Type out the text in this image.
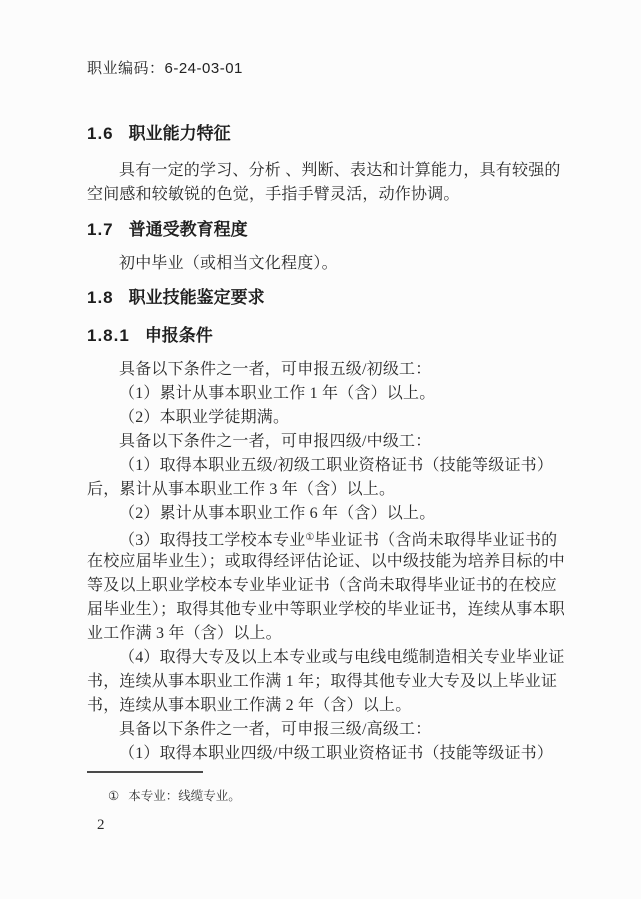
职业编码：6-24-03-01
1.6 职业能力特征
具有一定的学习、分析 、判断、表达和计算能力，具有较强的
空间感和较敏锐的色觉，手指手臂灵活，动作协调。
1.7 普通受教育程度
初中毕业（或相当文化程度）。
1.8 职业技能鉴定要求
1.8.1 申报条件
具备以下条件之一者，可申报五级/初级工：
（1）累计从事本职业工作 1 年（含）以上。
（2）本职业学徒期满。
具备以下条件之一者，可申报四级/中级工：
（1）取得本职业五级/初级工职业资格证书（技能等级证书）
后，累计从事本职业工作 3 年（含）以上。
（2）累计从事本职业工作 6 年（含）以上。
（3）取得技工学校本专业①毕业证书（含尚未取得毕业证书的
在校应届毕业生）；或取得经评估论证、以中级技能为培养目标的中
等及以上职业学校本专业毕业证书（含尚未取得毕业证书的在校应
届毕业生）；取得其他专业中等职业学校的毕业证书，连续从事本职
业工作满 3 年（含）以上。
（4）取得大专及以上本专业或与电线电缆制造相关专业毕业证
书，连续从事本职业工作满 1 年；取得其他专业大专及以上毕业证
书，连续从事本职业工作满 2 年（含）以上。
具备以下条件之一者，可申报三级/高级工：
（1）取得本职业四级/中级工职业资格证书（技能等级证书）
① 本专业：线缆专业。
2
